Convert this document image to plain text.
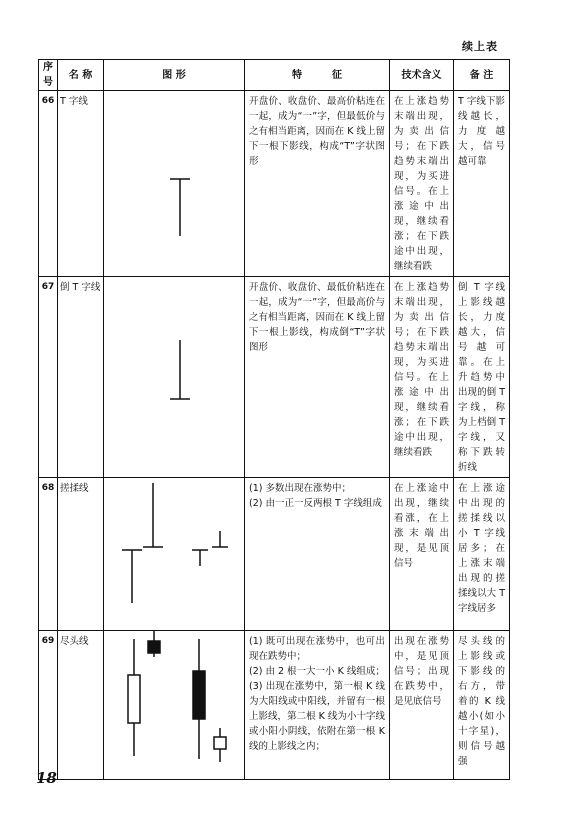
续上表
序号	名 称	图 形	特　　　征	技术含义	备 注
66	T 字线		开盘价、收盘价、最高价粘连在一起，成为“一”字，但最低价与之有相当距离，因而在 K 线上留下一根下影线，构成“T”字状图形	在上涨趋势末端出现，为卖出信号；在下跌趋势末端出现，为买进信号。在上涨途中出现，继续看涨；在下跌途中出现，继续看跌	T 字线下影线越长，力度越大，信号越可靠
67	倒 T 字线		开盘价、收盘价、最低价粘连在一起，成为“一”字，但最高价与之有相当距离，因而在 K 线上留下一根上影线，构成倒“T”字状图形	在上涨趋势末端出现，为卖出信号；在下跌趋势末端出现，为买进信号。在上涨途中出现，继续看涨；在下跌途中出现，继续看跌	倒 T 字线上影线越长，力度越大，信号越可靠。在上升趋势中出现的倒 T 字线，称为上档倒 T 字线，又称下跌转折线
68	搓揉线		(1) 多数出现在涨势中；
(2) 由一正一反两根 T 字线组成	在上涨途中出现，继续看涨，在上涨末端出现，是见顶信号	在上涨途中出现的搓揉线以小 T 字线居多；在上涨末端出现的搓揉线以大 T 字线居多
69	尽头线		(1) 既可出现在涨势中，也可出现在跌势中；
(2) 由 2 根一大一小 K 线组成；
(3) 出现在涨势中，第一根 K 线为大阳线或中阳线，并留有一根上影线，第二根 K 线为小十字线或小阳小阴线，依附在第一根 K 线的上影线之内；	出现在涨势中，是见顶信号；出现在跌势中，是见底信号	尽头线的上影线或下影线的右方，带着的 K 线越小(如小十字星)，则信号越强
18
